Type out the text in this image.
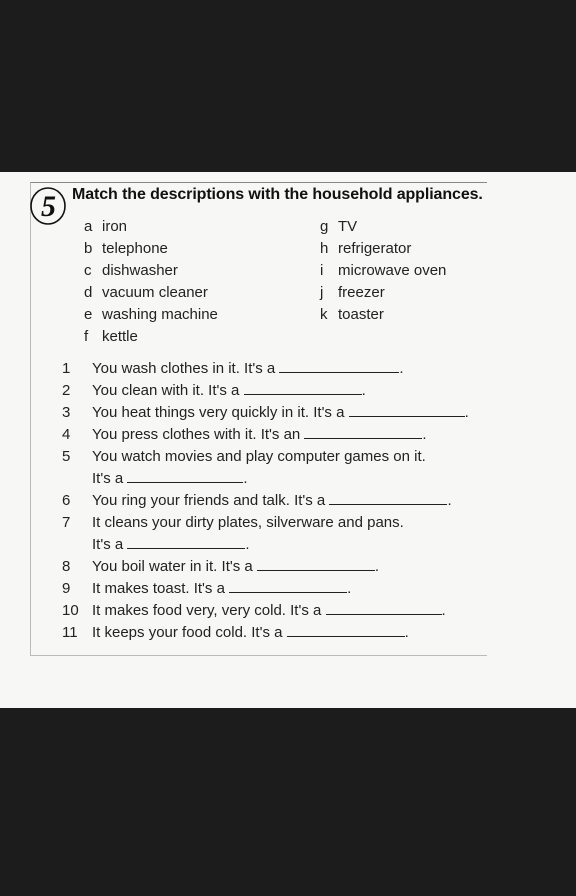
5 Match the descriptions with the household appliances.
a iron
b telephone
c dishwasher
d vacuum cleaner
e washing machine
f kettle
g TV
h refrigerator
i microwave oven
j freezer
k toaster
1	You wash clothes in it. It's a	.
2	You clean with it. It's a	.
3	You heat things very quickly in it. It's a	.
4	You press clothes with it. It's an	.
5	You watch movies and play computer games on it.
It's a	.
6	You ring your friends and talk. It's a	.
7	It cleans your dirty plates, silverware and pans.
It's a	.
8	You boil water in it. It's a	.
9	It makes toast. It's a	.
10 It makes food very, very cold. It's a	.
11 It keeps your food cold. It's a	.
